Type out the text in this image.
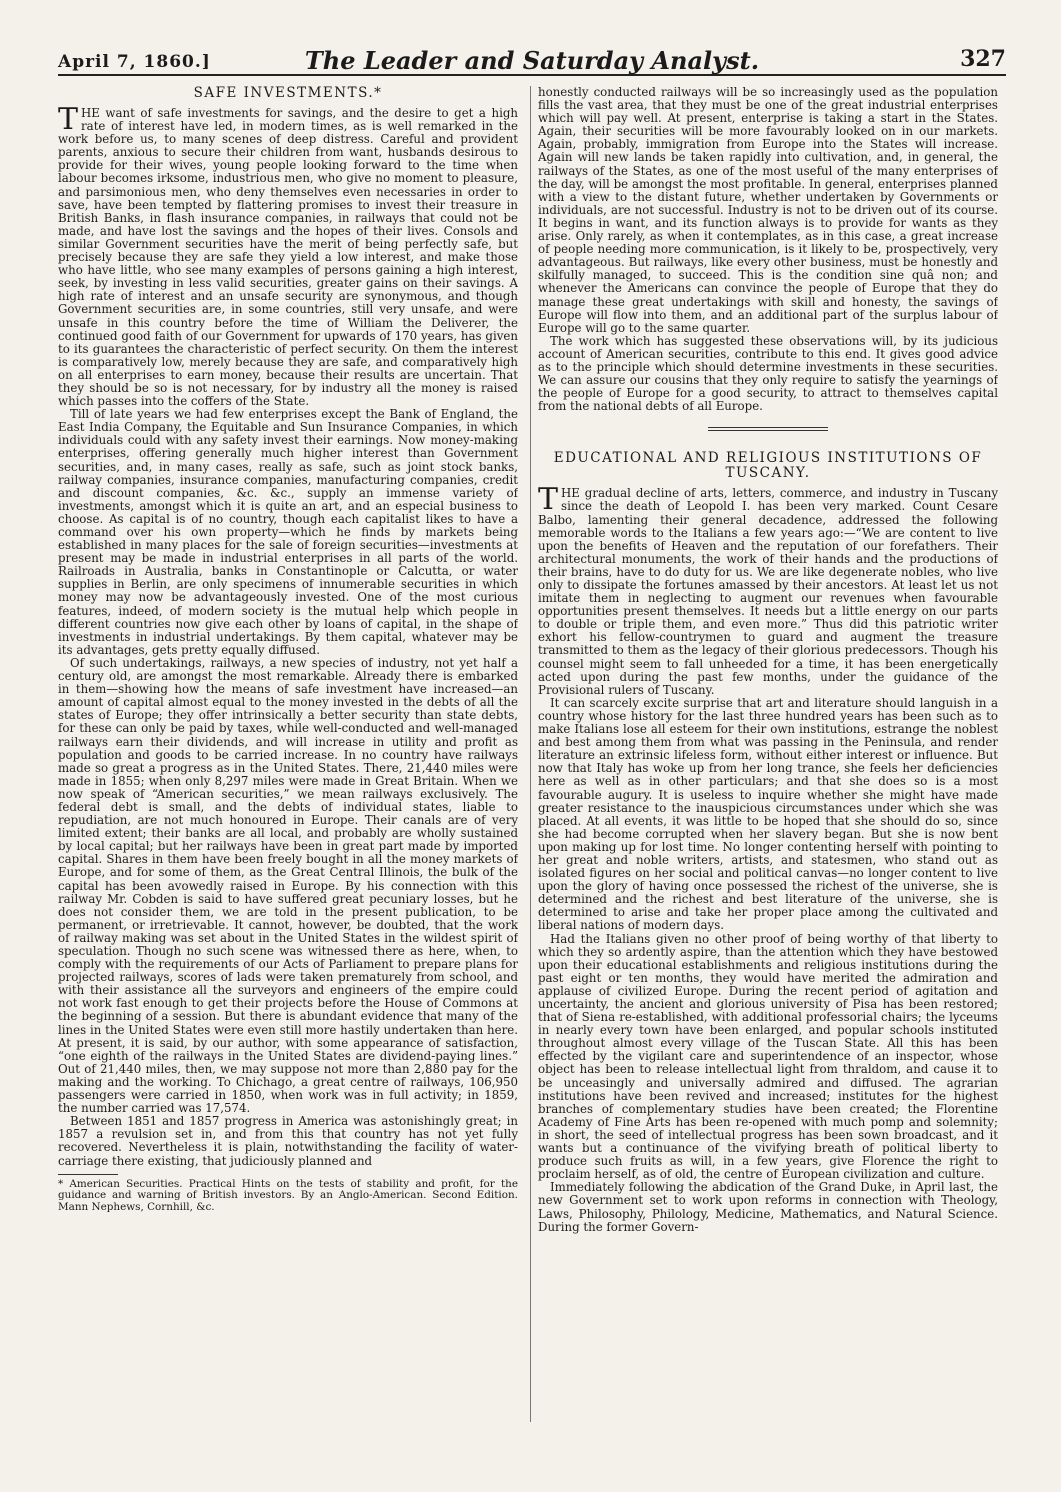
April 7, 1860.]	The Leader and Saturday Analyst.	327
SAFE INVESTMENTS.*

THE want of safe investments for savings, and the desire to get a high rate of interest have led, in modern times, as is well remarked in the work before us, to many scenes of deep distress. Careful and provident parents, anxious to secure their children from want, husbands desirous to provide for their wives, young people looking forward to the time when labour becomes irksome, industrious men, who give no moment to pleasure, and parsimonious men, who deny themselves even necessaries in order to save, have been tempted by flattering promises to invest their treasure in British Banks, in flash insurance companies, in railways that could not be made, and have lost the savings and the hopes of their lives. Consols and similar Government securities have the merit of being perfectly safe, but precisely because they are safe they yield a low interest, and make those who have little, who see many examples of persons gaining a high interest, seek, by investing in less valid securities, greater gains on their savings. A high rate of interest and an unsafe security are synonymous, and though Government securities are, in some countries, still very unsafe, and were unsafe in this country before the time of William the Deliverer, the continued good faith of our Government for upwards of 170 years, has given to its guarantees the characteristic of perfect security. On them the interest is comparatively low, merely because they are safe, and comparatively high on all enterprises to earn money, because their results are uncertain. That they should be so is not necessary, for by industry all the money is raised which passes into the coffers of the State.

Till of late years we had few enterprises except the Bank of England, the East India Company, the Equitable and Sun Insurance Companies, in which individuals could with any safety invest their earnings. Now money-making enterprises, offering generally much higher interest than Government securities, and, in many cases, really as safe, such as joint stock banks, railway companies, insurance companies, manufacturing companies, credit and discount companies, &c. &c., supply an immense variety of investments, amongst which it is quite an art, and an especial business to choose. As capital is of no country, though each capitalist likes to have a command over his own property—which he finds by markets being established in many places for the sale of foreign securities—investments at present may be made in industrial enterprises in all parts of the world. Railroads in Australia, banks in Constantinople or Calcutta, or water supplies in Berlin, are only specimens of innumerable securities in which money may now be advantageously invested. One of the most curious features, indeed, of modern society is the mutual help which people in different countries now give each other by loans of capital, in the shape of investments in industrial undertakings. By them capital, whatever may be its advantages, gets pretty equally diffused.

Of such undertakings, railways, a new species of industry, not yet half a century old, are amongst the most remarkable. Already there is embarked in them—showing how the means of safe investment have increased—an amount of capital almost equal to the money invested in the debts of all the states of Europe; they offer intrinsically a better security than state debts, for these can only be paid by taxes, while well-conducted and well-managed railways earn their dividends, and will increase in utility and profit as population and goods to be carried increase. In no country have railways made so great a progress as in the United States. There, 21,440 miles were made in 1855; when only 8,297 miles were made in Great Britain. When we now speak of “American securities,” we mean railways exclusively. The federal debt is small, and the debts of individual states, liable to repudiation, are not much honoured in Europe. Their canals are of very limited extent; their banks are all local, and probably are wholly sustained by local capital; but her railways have been in great part made by imported capital. Shares in them have been freely bought in all the money markets of Europe, and for some of them, as the Great Central Illinois, the bulk of the capital has been avowedly raised in Europe. By his connection with this railway Mr. Cobden is said to have suffered great pecuniary losses, but he does not consider them, we are told in the present publication, to be permanent, or irretrievable. It cannot, however, be doubted, that the work of railway making was set about in the United States in the wildest spirit of speculation. Though no such scene was witnessed there as here, when, to comply with the requirements of our Acts of Parliament to prepare plans for projected railways, scores of lads were taken prematurely from school, and with their assistance all the surveyors and engineers of the empire could not work fast enough to get their projects before the House of Commons at the beginning of a session. But there is abundant evidence that many of the lines in the United States were even still more hastily undertaken than here. At present, it is said, by our author, with some appearance of satisfaction, “one eighth of the railways in the United States are dividend-paying lines.” Out of 21,440 miles, then, we may suppose not more than 2,880 pay for the making and the working. To Chichago, a great centre of railways, 106,950 passengers were carried in 1850, when work was in full activity; in 1859, the number carried was 17,574.

Between 1851 and 1857 progress in America was astonishingly great; in 1857 a revulsion set in, and from this that country has not yet fully recovered. Nevertheless it is plain, notwithstanding the facility of water-carriage there existing, that judiciously planned and

* American Securities. Practical Hints on the tests of stability and profit, for the guidance and warning of British investors. By an Anglo-American. Second Edition. Mann Nephews, Cornhill, &c.

honestly conducted railways will be so increasingly used as the population fills the vast area, that they must be one of the great industrial enterprises which will pay well. At present, enterprise is taking a start in the States. Again, their securities will be more favourably looked on in our markets. Again, probably, immigration from Europe into the States will increase. Again will new lands be taken rapidly into cultivation, and, in general, the railways of the States, as one of the most useful of the many enterprises of the day, will be amongst the most profitable. In general, enterprises planned with a view to the distant future, whether undertaken by Governments or individuals, are not successful. Industry is not to be driven out of its course. It begins in want, and its function always is to provide for wants as they arise. Only rarely, as when it contemplates, as in this case, a great increase of people needing more communication, is it likely to be, prospectively, very advantageous. But railways, like every other business, must be honestly and skilfully managed, to succeed. This is the condition sine quâ non; and whenever the Americans can convince the people of Europe that they do manage these great undertakings with skill and honesty, the savings of Europe will flow into them, and an additional part of the surplus labour of Europe will go to the same quarter.

The work which has suggested these observations will, by its judicious account of American securities, contribute to this end. It gives good advice as to the principle which should determine investments in these securities. We can assure our cousins that they only require to satisfy the yearnings of the people of Europe for a good security, to attract to themselves capital from the national debts of all Europe.

EDUCATIONAL AND RELIGIOUS INSTITUTIONS OF TUSCANY.

THE gradual decline of arts, letters, commerce, and industry in Tuscany since the death of Leopold I. has been very marked. Count Cesare Balbo, lamenting their general decadence, addressed the following memorable words to the Italians a few years ago:—“We are content to live upon the benefits of Heaven and the reputation of our forefathers. Their architectural monuments, the work of their hands and the productions of their brains, have to do duty for us. We are like degenerate nobles, who live only to dissipate the fortunes amassed by their ancestors. At least let us not imitate them in neglecting to augment our revenues when favourable opportunities present themselves. It needs but a little energy on our parts to double or triple them, and even more.” Thus did this patriotic writer exhort his fellow-countrymen to guard and augment the treasure transmitted to them as the legacy of their glorious predecessors. Though his counsel might seem to fall unheeded for a time, it has been energetically acted upon during the past few months, under the guidance of the Provisional rulers of Tuscany.

It can scarcely excite surprise that art and literature should languish in a country whose history for the last three hundred years has been such as to make Italians lose all esteem for their own institutions, estrange the noblest and best among them from what was passing in the Peninsula, and render literature an extrinsic lifeless form, without either interest or influence. But now that Italy has woke up from her long trance, she feels her deficiencies here as well as in other particulars; and that she does so is a most favourable augury. It is useless to inquire whether she might have made greater resistance to the inauspicious circumstances under which she was placed. At all events, it was little to be hoped that she should do so, since she had become corrupted when her slavery began. But she is now bent upon making up for lost time. No longer contenting herself with pointing to her great and noble writers, artists, and statesmen, who stand out as isolated figures on her social and political canvas—no longer content to live upon the glory of having once possessed the richest of the universe, she is determined and the richest and best literature of the universe, she is determined to arise and take her proper place among the cultivated and liberal nations of modern days.

Had the Italians given no other proof of being worthy of that liberty to which they so ardently aspire, than the attention which they have bestowed upon their educational establishments and religious institutions during the past eight or ten months, they would have merited the admiration and applause of civilized Europe. During the recent period of agitation and uncertainty, the ancient and glorious university of Pisa has been restored; that of Siena re-established, with additional professorial chairs; the lyceums in nearly every town have been enlarged, and popular schools instituted throughout almost every village of the Tuscan State. All this has been effected by the vigilant care and superintendence of an inspector, whose object has been to release intellectual light from thraldom, and cause it to be unceasingly and universally admired and diffused. The agrarian institutions have been revived and increased; institutes for the highest branches of complementary studies have been created; the Florentine Academy of Fine Arts has been re-opened with much pomp and solemnity; in short, the seed of intellectual progress has been sown broadcast, and it wants but a continuance of the vivifying breath of political liberty to produce such fruits as will, in a few years, give Florence the right to proclaim herself, as of old, the centre of European civilization and culture.

Immediately following the abdication of the Grand Duke, in April last, the new Government set to work upon reforms in connection with Theology, Laws, Philosophy, Philology, Medicine, Mathematics, and Natural Science. During the former Govern-
